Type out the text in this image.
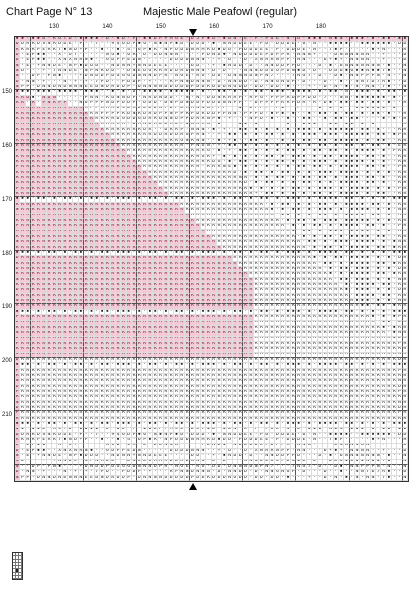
Chart Page N° 13	Majestic Male Peafowl (regular)
130	140	150	160	170	180
150
160
170
180
190
200
210
▪ ▪ · ▪ ▪ D · K O T D · ▪ ▪ ◆ ▪ · D · ▪ D · P · ▪ ▪ D P P M O E · D 5 P ▪ D · ▪ D N · E · P · P O E · N · D · ▪ ▪ ▪ · N ▪ N · ▪ ▪ ▪ · ▪ · ▪ ▪ · ▪ ▪
D D R R D S N R D D E · P · · 7 · · 9 $ 6 D P ◆ 6 · N ▪ N P ▪ D · D D D · ◆ · N N D D E E · P D · D D D E · 6 · N · · ▪ ▪ ▪ ▪ · · ▪ ▪ ▪ ▪ ▪ ▪ · D D
R K R R P E R K 7 ▪ N D + P · · ▪ · · ▪ · 4 · 6 P ▪ R · N P D D D N R M R D ▪ D D · P D D D E E · P · D D D E · N · · 7 ▪ P · · · · · ▪ + N · · · R
D · E P ▪ ▪ · · X · O 7 · · · · · N G ▪ · 6 R · D · D D N N N · · · · P D N D ◆ · N D D D D E P D P P R · N N N + · · · D N N N N N N · · + · · · D
D · E P ▪ ▪ · · X N X N R N ◆ · · 6 D P P E D N · · · · · D D D D N N N · · + · D · · D · X N R R N P P · N N · · · 6 + ▪ + · N N N N · · + · · · D
N · E · + N N D E · N P ▪ D D D · · N D N N + N N D E E E · · · · D D · · + · ▪ N D D · D · · N N D D P P D · · · D · ▪ · 6 N N N N N N N · ▪ · · N
N D · · · + · 7 N N D E · N P N R D D · · D N E D G R R R D D R D N N N · D · D · · · N N N D D O O P D N ▪ D · D · · D D 6 ▪ 6 ▪ ▪ N ▪ ▪ 7 ▪ · · N
N · · D P · P N ▪ · · · + D N D D P D G G G D N N N D P R · N G E · R G · D D · D N N N D N P N 7 · · · 7 N G 7 · D · · D ▪ · N N P P P N · N · · N
D · N N · + · · · N · + · + · 7 P D · · P D D P · + · · · R P N N D N N N · D · N N D D · D · N N G N G P · D · · · D · · ▪ · · N N 7 D 7 R ▪ · · D
N P P · D N N D N D N N N E E D N D R D D P · D N N N N D D D D D P D D R D D D N G D D · D D · D D · ◆ · · · + · · D · N · ▪ · N · N N · 7 ▪ · · N
▪ ▪ ▪ · ▪ ▪ ▪ · ▪ ▪ ▪ ▪ · ▪ ▪ ▪ · · ▪ · ▪ · D · ▪ ▪ ▪ ▪ · ▪ ▪ ▪ ▪ ▪ · ▪ · · ▪ ▪ · ▪ · ▪ · ▪ ▪ · ▪ ▪ ▪ · ▪ ▪ ▪ ▪ · ▪ · ▪ ▪ · N · ▪ ▪ ▪ · ▪ · ▪ ▪ · ▪
R R D ▪ · N D N · · · · · P N N · R D N N D P · N R D N D D · · N · N · D D N R R R P · R P G · P P P R D P P D D · 7 · · N N · ▪ ▪ ▪ ▪ ▪ ▪ · ▪ · ·
R R · R · P N R P P · · N O P P P N D P D D P · D D D · D N P D N D D P D D D N N P P · · D P P P P R R P D R · R · D ▪ · ▪ ▪ · ▪ ▪ · ▪ ▪ · ▪ · · R
R R R R R R R R R R R R R R P P R R R D G D R D D D D N P D P D R R N N N P P P · · ▪ · D P P P · P ▪ · · P · + · ▪ · ▪ · ▪ · · ▪ ▪ ▪ ▪ ▪ ▪ · ▪ · ·
R R R R R R R R R R R R R R R R P P P P R D N R D R D P P N P P R P D R D D P P N N · P P P D · ▪ P ▪ · ▪ · · ▪ · ▪ ▪ · ▪ · ▪ ▪ · ▪ · ▪ ▪ · ▪ · · R
R R R R R R R R R R R R R R R R R R R D G D D G D R R D N N D P P D R R N P ◆ · + · · · N P D · ▪ · · ▪ · · ▪ ▪ · · ▪ · ▪ ▪ · ▪ ▪ · · · · ▪ · ▪ · R
R R R R R R R R R R R R R R R R R R R R R + D R N D R D D R D P ◆ N R R N · ▪ · · · ▪ ▪ + ▪ · · · · · ▪ · · ▪ ▪ ▪ · · ▪ ▪ · ▪ ▪ · ▪ · ▪ · · · · · R
R R R R R R R R R R R R R R R R R R R R R R R R D R · · D R R P · N N N · ▪ · + · · ▪ ▪ · ▪ · ▪ · ▪ · ▪ · ▪ ▪ ▪ · ▪ · ▪ ▪ ▪ ▪ ▪ · ▪ ▪ · ▪ · · · R R
P R R R R R R R R R R R R R R R R R R R R R R R R R D D R D D R G P R N · · + · ▪ ▪ · ▪ · ▪ · ▪ ▪ · ▪ · ▪ · ▪ ▪ ▪ · ▪ ▪ ▪ · ▪ ▪ ▪ ▪ ▪ · ▪ ▪ · ▪ P R
R R R R R R R R R R R R R R R R R R R R R R R R R R R R R R R G N R N N · · ▪ · + ▪ · · ▪ ▪ · ▪ · · ▪ · ▪ · ▪ ▪ · ▪ ▪ · ▪ ▪ ▪ ▪ ▪ · ▪ · ▪ ▪ · · R R
E R R R R R R R R R R R R R R R R R R R R R R R R R R R R R R R · P N G N · + · ▪ ▪ · ▪ · ▪ · ▪ · ▪ · ▪ · ▪ · ▪ · ▪ ▪ · ▪ · ▪ ▪ · ▪ · ▪ ▪ · ▪ · E R
P R R R R R R R R R R R R R R R R R R R R R R R R R R R R R R R R R R R G · ▪ · + · ▪ ▪ · ▪ · ▪ · ▪ · ▪ ▪ · ▪ · ▪ ▪ · ▪ ▪ · ▪ · ▪ ▪ ▪ ▪ · ▪ · P R R
R R R R R R R R R R R R R R R R R R R R R R R R R R R R R R R R R R R G R + · ▪ · ▪ · ▪ · ▪ · ▪ ▪ · ▪ · ▪ ▪ ▪ · ▪ · ▪ ▪ · ▪ ▪ ▪ ▪ · ▪ ▪ · ▪ · · R R
R R R R R R R R R R R R R R R R R R R R R R R R R R R R R R R R R R R R R D G · ▪ · ▪ ▪ · ▪ · ▪ · ▪ ▪ · ▪ · ▪ · ▪ ▪ ▪ · ▪ · ▪ ▪ ▪ ▪ · ▪ · ▪ · · R R
P R R R R R R R R R R R R R R R R R R R R R R R R R R R R R R R R R R · R R R N E ▪ · ▪ · ▪ · ▪ · ▪ · ▪ · ▪ ▪ · ▪ ▪ · ▪ · ▪ ▪ ▪ ▪ · ▪ ▪ · ▪ · · P R
R R R R R R R R R R R R R R R R R R R R R R R R R R R R R R R R R R R R R R R R R D · ▪ · ▪ ▪ · ▪ · ▪ ▪ · ▪ · ▪ · ▪ ▪ ▪ · ▪ ▪ ▪ ▪ · ▪ · ▪ · ▪ · R R
R R R R R R R R R R R R R R R R R R R R R R R R R R R R R R R R R R R R R R R R R R N N · ▪ · ▪ · ▪ ▪ · ▪ · ▪ ▪ · ▪ ▪ · ▪ · ▪ ▪ ▪ · ▪ ▪ · ▪ · · R R
R R R R R R R R R R R R R R R R R R R R R R R R R R R R R R R R R R R R R R R R R R R D · ▪ · ▪ ▪ · ▪ · ▪ · ▪ ▪ · ▪ · ▪ · ▪ ▪ ▪ ▪ · ▪ ▪ · ▪ · · R R
P R R R R R R R R R R R R R R R R R R R R R R R R R R R R R R R R R R R R R R R R R R R ◆ · ▪ · ▪ · ▪ · ▪ ▪ · ▪ · ▪ ▪ ▪ · ▪ · ▪ ▪ ▪ ▪ · ▪ · ▪ · P R
R R R R R R R R R R R R R R R R R R R R R R R R R R R R R R R R R R R R R R R R R R R R R + · ▪ ▪ · ▪ · ▪ · ▪ · ▪ ▪ · ▪ · ▪ ▪ ▪ ▪ · ▪ · ▪ ▪ · · R R
▪ ▪ ▪ · ▪ ▪ · ▪ · ▪ ▪ · ▪ · ▪ ▪ · ▪ · ▪ ▪ ▪ · ▪ · ▪ ▪ · ▪ · ▪ ▪ · ▪ · ▪ ▪ ▪ · ▪ · ▪ ▪ · ▪ · ▪ ▪ · ▪ · ▪ ▪ ▪ · ▪ · ▪ ▪ ▪ ▪ · ▪ ▪ · ▪ · ▪ · ▪ · ▪ ▪ ▪
R R R R R R R R R R R R R R R R R R R R R R R R R R R R R R R R R R R R R R R R R R R R R R R · ▪ · ▪ ▪ · ▪ · ▪ · ▪ ▪ · ▪ · ▪ ▪ ▪ ▪ · ▪ ▪ · ▪ · R R
N R R R R R R R R R R R R R R R R R R R R R R R R R R R R R R R R R R R R R R R R R R R R R R R ▪ · ▪ · ▪ ▪ · ▪ · ▪ ▪ ▪ · ▪ · ▪ ▪ ▪ ▪ · ▪ · ▪ · N R
R R R R R R R R R R R R R R R R R R R R R R R R R R R R R R R R R R R R R R R R R R R R R R R R R · ▪ ▪ · ▪ · ▪ · ▪ ▪ · ▪ · ▪ ▪ ▪ ▪ · ▪ ▪ · ▪ · R R
R R R R R R R R R R R R R R R R R R R R R R R R R R R R R R R R R R R R R R R R R R R R R R R R R R · ▪ · ▪ ▪ · ▪ · ▪ ▪ ▪ · ▪ ▪ ▪ ▪ ▪ · ▪ · ▪ · R R
P R R R R R R R R R R R R R R R R R R R R R R R R R R R R R R R R R R R R R R R R R R R R R R R R R R · ▪ · ▪ · ▪ ▪ · ▪ · ▪ ▪ ▪ ▪ · ▪ ▪ · ▪ · · P R
R R R R R R R R R R R R R R R R R R R R R R R R R R R R R R R R R R R R R R R R R R R R R R R R R R R R ▪ · ▪ ▪ · ▪ · ▪ ▪ ▪ · ▪ ▪ ▪ ▪ · ▪ · ▪ · R R
R R R R R R R R R R R R R R R R R R R R R R R R R R R R R R R R R R R R R R R R R R R R R R R R R R R R R · ▪ · ▪ · ▪ ▪ · ▪ · ▪ ▪ ▪ ▪ · ▪ ▪ · · R R
N R R R R R R R R R R R R R R R R R R R R R R R R R R R R R R R R R R R R R R R R R R R R R R R R R R R R R · ▪ ▪ · ▪ · ▪ ▪ ▪ · ▪ ▪ ▪ ▪ · ▪ · ▪ N R
R R R R R R R R R R R R R R R R R R R R R R R R R R R R R R R R R R R R R R R R R R R R R R R R R R R R R R R · ▪ · ▪ ▪ · ▪ · ▪ ▪ ▪ ▪ · ▪ ▪ · ▪ R R
▪ ▪ ▪ · ▪ · ▪ ▪ · ▪ · ▪ ▪ · ▪ · ▪ ▪ · ▪ ▪ ▪ · ▪ · ▪ ▪ · ▪ · ▪ ▪ · ▪ · ▪ ▪ ▪ · ▪ · ▪ ▪ · ▪ · ▪ ▪ · ▪ · ▪ ▪ ▪ · ▪ · ▪ ▪ ▪ ▪ · ▪ ▪ · ▪ · ▪ · ▪ · ▪ ▪ ▪
D R R R R R R R R R R R R R R R R R R R R R R R R R R R R R R R R R R R R R R R R R R R R R R R R R R R R R R R ▪ · ▪ · ▪ ▪ · ▪ ▪ ▪ ▪ · ▪ · ▪ · D R
R R R R R R R R R R R R R R R R R R R R R R R R R R R R R R R R R R R R R R R R R R R R R R R R R R R R R R R R R · ▪ ▪ · ▪ · ▪ ▪ ▪ ▪ · ▪ ▪ · ▪ R R
D R R R R R R R R R R R R R R R R R R R R R R R R R R R R R R R R R R R R R R R R R R R R R R R R R R R R R R R R R · ▪ · ▪ ▪ · ▪ ▪ ▪ · ▪ · ▪ · D R
R R R R R R R R R R R R R R R R R R R R R R R R R R R R R R R R R R R R R R R R R R R R R R R R R R R R R R R R R R R ▪ · ▪ · ▪ ▪ ▪ ▪ · ▪ ▪ · ▪ R R
N R R R R R R R R R R R R R R R R R R R R R R R R R R R R R R R R R R R R R R R R R R R R R R R R R R R R R R R R R R R · ▪ ▪ · ▪ ▪ ▪ · ▪ · ▪ · N R
R R R R R R R R R R R R R R R R R R R R R R R R R R R R R R R R R R R R R R R R R R R R R R R R R R R R R R R R R R R R R · ▪ · ▪ ▪ ▪ ▪ · ▪ ▪ · R R
D R R R R R R R R R R R R R R R R R R R R R R R R R R R R R R R R R R R R R R R R R R R R R R R R R R R R R R R R R R R R R ▪ · ▪ ▪ ▪ · ▪ · ▪ · D R
R R R R R R R R R R R R R R R R R R R R R R R R R R R R R R R R R R R R R R R R R R R R R R R R R R R R R R R R R R R R R R R · ▪ ▪ ▪ ▪ · ▪ ▪ · R R
N R R R R R R R R R R R R R R R R R R R R R R R R R R R R R R R R R R R R R R R R R R R R R R R R R R R R R R R R R R R R R R R ▪ ▪ ▪ · ▪ · ▪ · N R
R R R R R R R R R R R R R R R R R R R R R R R R R R R R R R R R R R R R R R R R R R R R R R R R R R R R R R R R R R R R R R R R R ▪ ▪ · ▪ ▪ · ▪ R R
▪ ▪ ▪ · ▪ · ▪ ▪ · ▪ · ▪ ▪ · ▪ · ▪ ▪ · ▪ ▪ ▪ · ▪ · ▪ ▪ · ▪ · ▪ ▪ · ▪ · ▪ ▪ ▪ · ▪ · ▪ ▪ · ▪ · ▪ ▪ · ▪ · ▪ ▪ ▪ · ▪ · ▪ ▪ ▪ ▪ · ▪ ▪ · ▪ · ▪ · ▪ · ▪ ▪ ▪
P R R R R R R R R R R R R R R R R R R R R R R R R R R R R R R R R R R R R R R R R R R R R R R R R R R R R R R R R R R R R R R R R R R ▪ · ▪ · ▪ P R
D R R R R R R R R R R R R R R R R R R R R R R R R R R R R R R R R R R R R R R R R R R R R R R R R R R R R R R R R R R R R R R R R R R R · ▪ ▪ · D R
R R R R R R R R R R R R R R R R R R R R R R R R R R R R R R R R R R R R R R R R R R R R R R R R R R R R R R R R R R R R R R R R R R R R R ▪ · ▪ R R
N R R R R R R R R R R R R R R R R R R R R R R R R R R R R R R R R R R R R R R R R R R R R R R R R R R R R R R R R R R R R R R R R R R R R R · ▪ N R
D R R R R R R R R R R R R R R R R R R R R R R R R R R R R R R R R R R R R R R R R R R R R R R R R R R R R R R R R R R R R R R R R R R R R R R ▪ D R
P R R R R R R R R R R R R R R R R R R R R R R R R R R R R R R R R R R R R R R R R R R R R R R R R R R R R R R R R R R R R R R R R R R R R R R R P R
R R R R R R R R R R R R R R R R R R R R R R R R R R R R R R R R R R R R R R R R R R R R R R R R R R R R R R R R R R R R R R R R R R R R R R R R R R
N R R R R R R R R R R R R R R R R R R R R R R R R R R R R R R R R R R R R R R R R R R R R R R R R R R R R R R R R R R R R R R R R R R R R R R R N R
D R R R R R R R R R R R R R R R R R R R R R R R R R R R R R R R R R R R R R R R R R R R R R R R R R R R R R R R R R R R R R R R R R R R R R R R D R
▪ ▪ ▪ · ▪ · ▪ ▪ · ▪ · ▪ ▪ · ▪ · ▪ ▪ · ▪ ▪ ▪ · ▪ · ▪ ▪ · ▪ · ▪ ▪ · ▪ · ▪ ▪ ▪ · ▪ · ▪ ▪ · ▪ · ▪ ▪ · ▪ · ▪ ▪ ▪ · ▪ · ▪ ▪ ▪ ▪ · ▪ ▪ · ▪ · ▪ · ▪ · ▪ ▪ ▪
P R R R R R R R R R R R R R R R R R R R R R R R R R R R R R R R R R R R R R R R R R R R R R R R R R R R R R R R R R R R R R R R R R R R R R R R P R
R R R R R R R R R R R R R R R R R R R R R R R R R R R R R R R R R R R R R R R R R R R R R R R R R R R R R R R R R R R R R R R R R R R R R R R R R R
N R R R R R R R R R R R R R R R R R R R R R R R R R R R R R R R R R R R R R R R R R R R R R R R R R R R R R R R R R R R R R R R R R R R R R R R N R
D R R R R R R R R R R R R R R R R R R R R R R R R R R R R R R R R R R R R R R R R R R R R R R R R R R R R R R R R R R R R R R R R R R R R R R R D R
P R R R R R R R R R R R R R R R R R R R R R R R R R R R R R R R R R R R R R R R R R R R R R R R R R R R R R R R R R R R R R R R R R R R R R R R P R
R R R R R R R R R R R R R R R R R R R R R R R R R R R R R R R R R R R R R R R R R R R R R R R R R R R R R R R R R R R R R R R R R R R R R R R R R R
N R R R R R R R R R R R R R R R R R R R R R R R R R R R R R R R R R R R R R R R R R R R R R R R R R R R R R R R R R R R R R R R R R R R R R R R N R
D R R R R R R R R R R R R R R R R R R R R R R R R R R R R R R R R R R R R R R R R R R R R R R R R R R R R R R R R R R R R R R R R R R R R R R R D R
P R R R R R R R R R R R R R R R R R R R R R R R R R R R R R R R R R R R R R R R R R R R R R R R R R R R R R R R R R R R R R R R R R R R R R R R P R
R R R R R R R R R R R R R R R R R R R R R R R R R R R R R R R R R R R R R R R R R R R R R R R R R R R R R R R R R R R R R R R R R R R R R R R R R R
▪ ▪ ▪ · ▪ · ▪ ▪ · ▪ · ▪ ▪ · ▪ · ▪ ▪ · ▪ ▪ ▪ · ▪ · ▪ ▪ · ▪ · ▪ ▪ · ▪ · ▪ ▪ ▪ · ▪ · ▪ ▪ · ▪ · ▪ ▪ · ▪ · ▪ ▪ ▪ · ▪ · ▪ ▪ ▪ ▪ · ▪ ▪ · ▪ · ▪ · ▪ · ▪ ▪ ▪
▪ ▪ · ▪ ▪ D · K O T D · ▪ ▪ ◆ ▪ · D · ▪ D · P · ▪ ▪ D P P M O E · D 5 P ▪ D · ▪ D N · E · P · P O E · N · D · ▪ ▪ ▪ · N ▪ N · ▪ ▪ ▪ · ▪ · ▪ ▪ · ▪ ▪
D D R R D S N R D D E · P · · 7 · · 9 $ 6 D P ◆ 6 · N ▪ N P ▪ D · D D D · ◆ · N N D D E E · P D · D D D E · 6 · N · · ▪ ▪ ▪ ▪ · · ▪ ▪ ▪ ▪ ▪ ▪ · D D
R K R R P E R K 7 ▪ N D + P · · ▪ · · ▪ · 4 · 6 P ▪ R · N P D D D N R M R D ▪ D D · P D D D E E · P · D D D E · N · · 7 ▪ P · · · · · ▪ + N · · · R
D · E P ▪ ▪ · · X · O 7 · · · · · N G ▪ · 6 R · D · D D N N N · · · · P D N D ◆ · N D D D D E P D P P R · N N N + · · · D N N N N N N · · + · · · D
D · E P ▪ ▪ · · X N X N R N ◆ · · 6 D P P E D N · · · · · D D D D N N N · · + · D · · D · X N R R N P P · N N · · · 6 + ▪ + · N N N N · · + · · · D
N · E · + N N D E · N P ▪ D D D · · N D N N + N N D E E E · · · · D D · · + · ▪ N D D · D · · N N D D P P D · · · D · ▪ · 6 N N N N N N N · ▪ · · N
N D · · · + · 7 N N D E · N P N R D D · · D N E D G R R R D D R D N N N · D · D · · · N N N D D O O P D N ▪ D · D · · D D 6 ▪ 6 ▪ ▪ N ▪ ▪ 7 ▪ · · N
N · · D P · P N ▪ · · · + D N D D P D G G G D N N N D P R · N G E · R G · D D · D N N N D N P N 7 · · · 7 N G 7 · D · · D ▪ · N N P P P N · N · · N
D · N N · + · · · N · + · + · 7 P D · · P D D P · + · · · R P N N D N N N · D · N N D D · D · N N G N G P · D · · · D · · ▪ · · N N 7 D 7 R ▪ · · D
N P P · D N N D N D N N N E E D N D R D D P · D N N N N D D D D D P D D R D D D N G D D · D D · D D · ◆ · · · + · · D · N · ▪ · N · N N · 7 ▪ · · N
